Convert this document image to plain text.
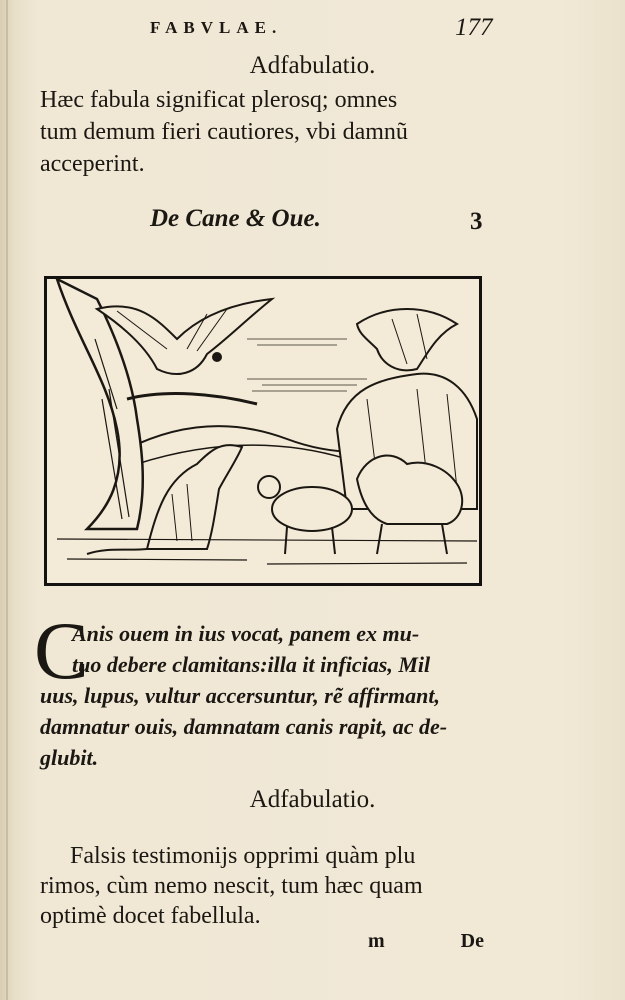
FABVLAE.	177
Adfabulatio.
Hæc fabula significat plerosq; omnes
tum demum fieri cautiores, vbi damnũ
acceperint.
De Cane & Oue.	3
C
Anis ouem in ius vocat, panem ex mu-
tuo debere clamitans:illa it inficias, Mil
uus, lupus, vultur accersuntur, rẽ affirmant,
damnatur ouis, damnatam canis rapit, ac de-
glubit.
Adfabulatio.
Falsis testimonijs opprimi quàm plu
rimos, cùm nemo nescit, tum hæc quam
optimè docet fabellula.
m	De
